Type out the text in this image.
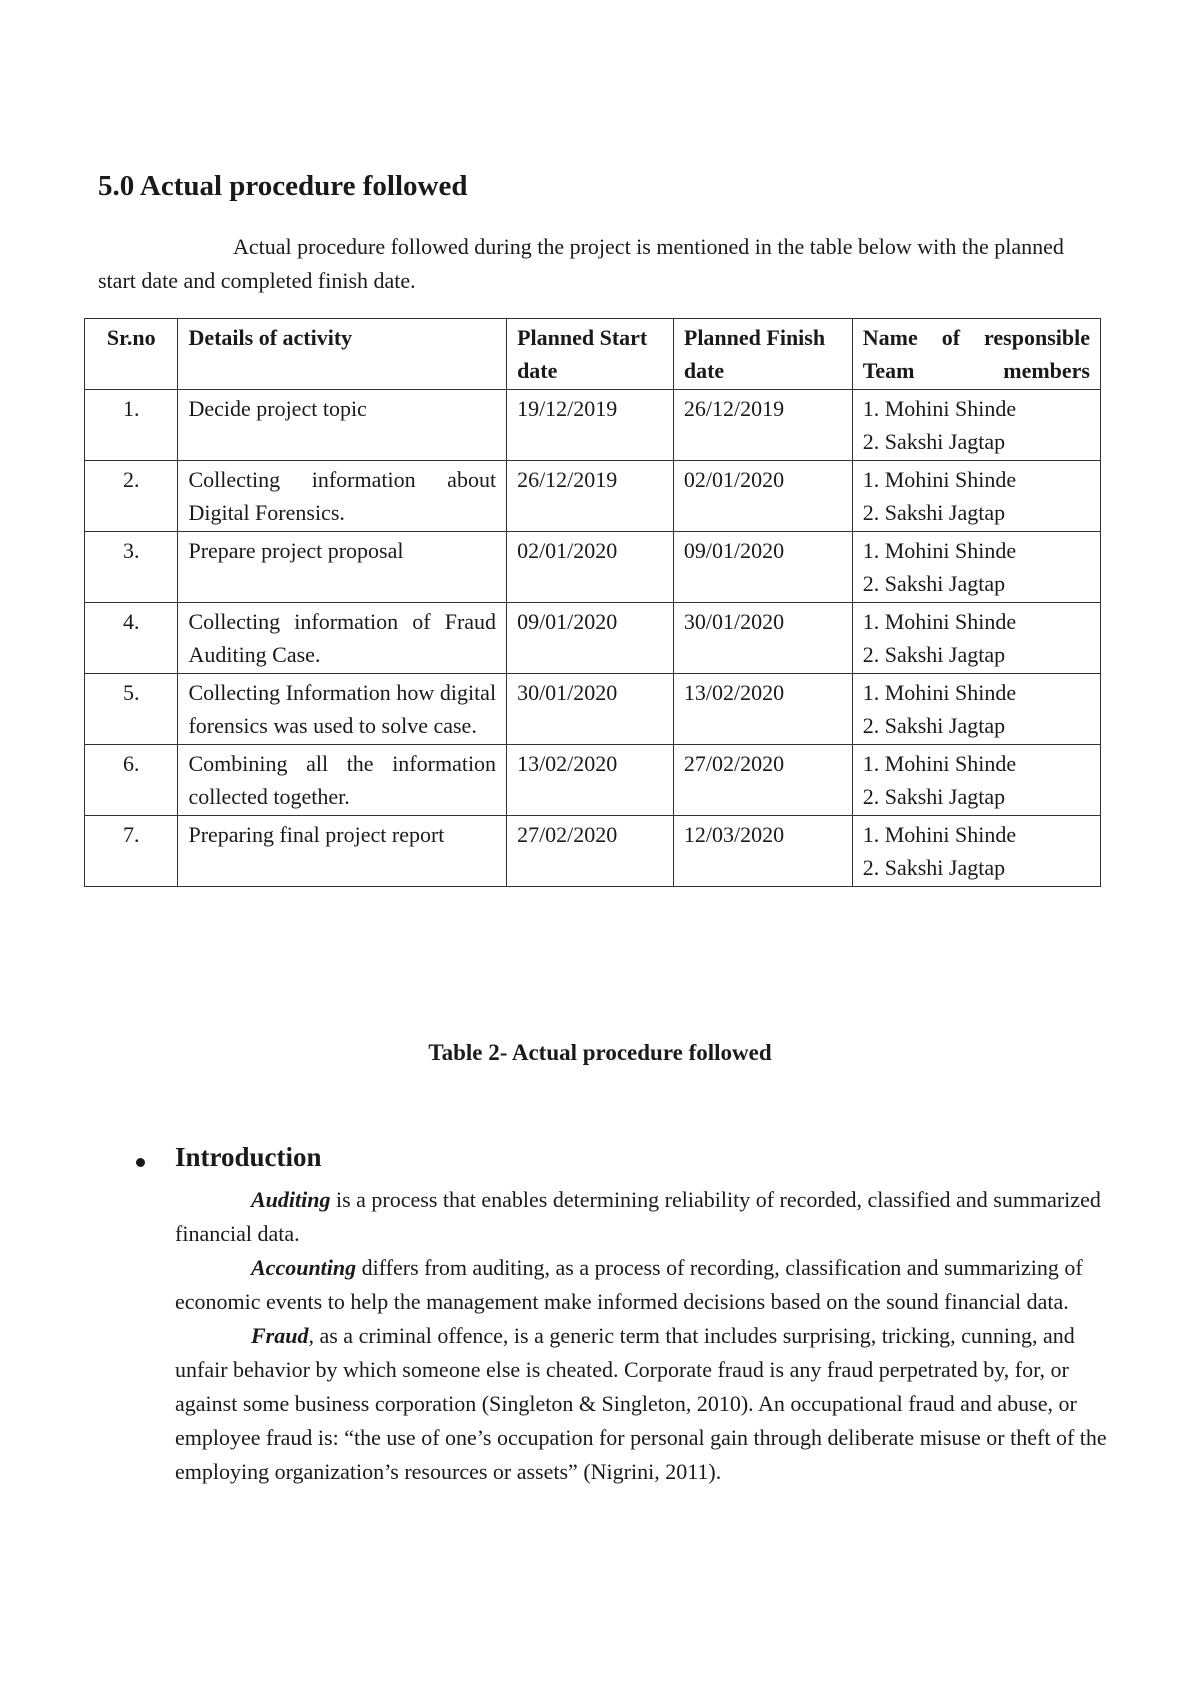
5.0 Actual procedure followed

Actual procedure followed during the project is mentioned in the table below with the planned start date and completed finish date.

Sr.no	Details of activity	Planned Start date	Planned Finish date	Name of responsible Team members
1.	Decide project topic	19/12/2019	26/12/2019	1. Mohini Shinde
2. Sakshi Jagtap

2.	Collecting information about Digital Forensics.	26/12/2019	02/01/2020	1. Mohini Shinde
2. Sakshi Jagtap

3.	Prepare project proposal	02/01/2020	09/01/2020	1. Mohini Shinde
2. Sakshi Jagtap

4.	Collecting information of Fraud Auditing Case.	09/01/2020	30/01/2020	1. Mohini Shinde
2. Sakshi Jagtap

5.	Collecting Information how digital forensics was used to solve case.	30/01/2020	13/02/2020	1. Mohini Shinde
2. Sakshi Jagtap

6.	Combining all the information collected together.	13/02/2020	27/02/2020	1. Mohini Shinde
2. Sakshi Jagtap

7.	Preparing final project report	27/02/2020	12/03/2020	1. Mohini Shinde
2. Sakshi Jagtap

Table 2- Actual procedure followed

Introduction

Auditing is a process that enables determining reliability of recorded, classified and summarized financial data.

Accounting differs from auditing, as a process of recording, classification and summarizing of economic events to help the management make informed decisions based on the sound financial data.

Fraud, as a criminal offence, is a generic term that includes surprising, tricking, cunning, and unfair behavior by which someone else is cheated. Corporate fraud is any fraud perpetrated by, for, or against some business corporation (Singleton & Singleton, 2010). An occupational fraud and abuse, or employee fraud is: “the use of one’s occupation for personal gain through deliberate misuse or theft of the employing organization’s resources or assets” (Nigrini, 2011).
